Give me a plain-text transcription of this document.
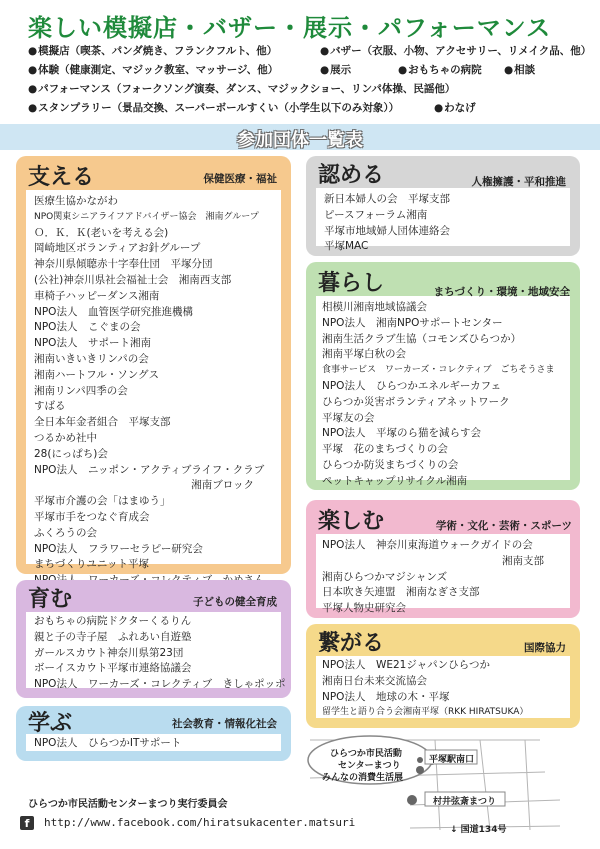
楽しい模擬店・バザー・展示・パフォーマンス
● 模擬店（喫茶、パンダ焼き、フランクフルト、他）	● バザー（衣服、小物、アクセサリー、リメイク品、他）
● 体験（健康測定、マジック教室、マッサージ、他）	● 展示	● おもちゃの病院	● 相談
● パフォーマンス（フォークソング演奏、ダンス、マジックショー、リンパ体操、民謡他）
● スタンプラリー（景品交換、スーパーボールすくい（小学生以下のみ対象））	● わなげ
参加団体一覧表
支える	保健医療・福祉
医療生協かながわ
NPO関東シニアライフアドバイザー協会　湘南グループ
Ｏ．Ｋ．Ｋ(老いを考える会)
岡崎地区ボランティアお針グループ
神奈川県傾聴赤十字奉仕団　平塚分団
(公社)神奈川県社会福祉士会　湘南西支部
車椅子ハッピーダンス湘南
NPO法人　血管医学研究推進機構
NPO法人　こぐまの会
NPO法人　サポート湘南
湘南いきいきリンパの会
湘南ハートフル・ソングス
湘南リンパ四季の会
すばる
全日本年金者組合　平塚支部
つるかめ社中
28(にっぱち)会
NPO法人　ニッポン・アクティブライフ・クラブ
湘南ブロック
平塚市介護の会「はまゆう」
平塚市手をつなぐ育成会
ふくろうの会
NPO法人　フラワーセラピー研究会
まちづくりユニット平塚
育む	子どもの健全育成
おもちゃの病院ドクターくるりん
親と子の寺子屋　ふれあい自遊塾
ガールスカウト神奈川県第23団
ボーイスカウト平塚市連絡協議会
NPO法人　ワーカーズ・コレクティブ　きしゃポッポ
学ぶ	社会教育・情報化社会
NPO法人　ひらつかITサポート
認める	人権擁護・平和推進
新日本婦人の会　平塚支部
ピースフォーラム湘南
平塚市地域婦人団体連絡会
平塚MAC
暮らし	まちづくり・環境・地域安全
相模川湘南地域協議会
NPO法人　湘南NPOサポートセンター
湘南生活クラブ生協（コモンズひらつか）
湘南平塚白秋の会
食事サービス　ワーカーズ・コレクティブ　ごちそうさま
NPO法人　ひらつかエネルギーカフェ
ひらつか災害ボランティアネットワーク
平塚友の会
NPO法人　平塚のら猫を減らす会
平塚　花のまちづくりの会
ひらつか防災まちづくりの会
ペットキャップリサイクル湘南
楽しむ	学術・文化・芸術・スポーツ
NPO法人　神奈川東海道ウォークガイドの会
湘南支部
湘南ひらつかマジシャンズ
日本吹き矢連盟　湘南なぎさ支部
平塚人物史研究会
繋がる	国際協力
NPO法人　WE21ジャパンひらつか
湘南日台未来交流協会
NPO法人　地球の木・平塚
留学生と語り合う会湘南平塚（RKK HIRATSUKA）
ひらつか市民活動
センターまつり
みんなの消費生活展
平塚駅南口
村井弦斎まつり
↓ 国道134号
ひらつか市民活動センターまつり実行委員会
f	http://www.facebook.com/hiratsukacenter.matsuri
